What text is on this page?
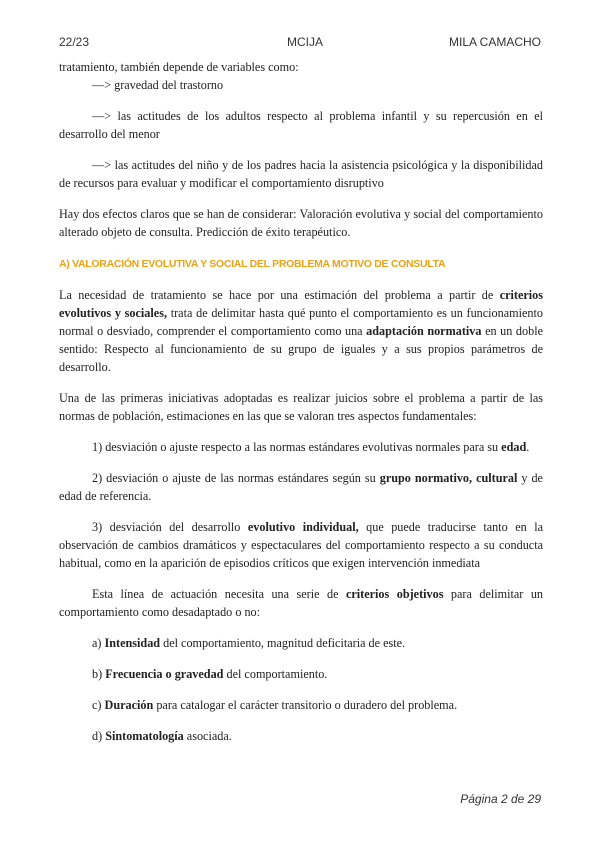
22/23	MCIJA	MILA CAMACHO

tratamiento, también depende de variables como:

—> gravedad del trastorno

—> las actitudes de los adultos respecto al problema infantil y su repercusión en el desarrollo del menor

—> las actitudes del niño y de los padres hacia la asistencia psicológica y la disponibilidad de recursos para evaluar y modificar el comportamiento disruptivo

Hay dos efectos claros que se han de considerar: Valoración evolutiva y social del comportamiento alterado objeto de consulta. Predicción de éxito terapéutico.

A) VALORACIÓN EVOLUTIVA Y SOCIAL DEL PROBLEMA MOTIVO DE CONSULTA

La necesidad de tratamiento se hace por una estimación del problema a partir de criterios evolutivos y sociales, trata de delimitar hasta qué punto el comportamiento es un funcionamiento normal o desviado, comprender el comportamiento como una adaptación normativa en un doble sentido: Respecto al funcionamiento de su grupo de iguales y a sus propios parámetros de desarrollo.

Una de las primeras iniciativas adoptadas es realizar juicios sobre el problema a partir de las normas de población, estimaciones en las que se valoran tres aspectos fundamentales:

1) desviación o ajuste respecto a las normas estándares evolutivas normales para su edad.

2) desviación o ajuste de las normas estándares según su grupo normativo, cultural y de edad de referencia.

3) desviación del desarrollo evolutivo individual, que puede traducirse tanto en la observación de cambios dramáticos y espectaculares del comportamiento respecto a su conducta habitual, como en la aparición de episodios críticos que exigen intervención inmediata

Esta línea de actuación necesita una serie de criterios objetivos para delimitar un comportamiento como desadaptado o no:

a) Intensidad del comportamiento, magnitud deficitaria de este.

b) Frecuencia o gravedad del comportamiento.

c) Duración para catalogar el carácter transitorio o duradero del problema.

d) Sintomatología asociada.

Página 2 de 29
